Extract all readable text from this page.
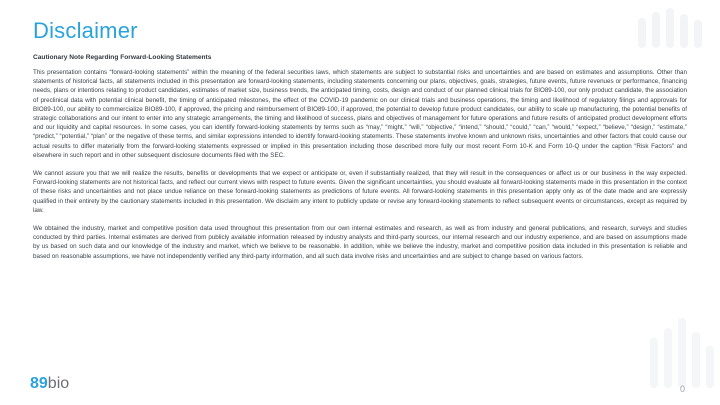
Disclaimer

Cautionary Note Regarding Forward-Looking Statements

This presentation contains “forward-looking statements” within the meaning of the federal securities laws, which statements are subject to substantial risks and uncertainties and are based on estimates and assumptions. Other than statements of historical facts, all statements included in this presentation are forward-looking statements, including statements concerning our plans, objectives, goals, strategies, future events, future revenues or performance, financing needs, plans or intentions relating to product candidates, estimates of market size, business trends, the anticipated timing, costs, design and conduct of our planned clinical trials for BIO89-100, our only product candidate, the association of preclinical data with potential clinical benefit, the timing of anticipated milestones, the effect of the COVID-19 pandemic on our clinical trials and business operations, the timing and likelihood of regulatory filings and approvals for BIO89-100, our ability to commercialize BIO89-100, if approved, the pricing and reimbursement of BIO89-100, if approved, the potential to develop future product candidates, our ability to scale up manufacturing, the potential benefits of strategic collaborations and our intent to enter into any strategic arrangements, the timing and likelihood of success, plans and objectives of management for future operations and future results of anticipated product development efforts and our liquidity and capital resources. In some cases, you can identify forward-looking statements by terms such as “may,” “might,” “will,” “objective,” “intend,” “should,” “could,” “can,” “would,” “expect,” “believe,” “design,” “estimate,” “predict,” “potential,” “plan” or the negative of these terms, and similar expressions intended to identify forward-looking statements. These statements involve known and unknown risks, uncertainties and other factors that could cause our actual results to differ materially from the forward-looking statements expressed or implied in this presentation including those described more fully our most recent Form 10-K and Form 10-Q under the caption “Risk Factors” and elsewhere in such report and in other subsequent disclosure documents filed with the SEC.

We cannot assure you that we will realize the results, benefits or developments that we expect or anticipate or, even if substantially realized, that they will result in the consequences or affect us or our business in the way expected. Forward-looking statements are not historical facts, and reflect our current views with respect to future events. Given the significant uncertainties, you should evaluate all forward-looking statements made in this presentation in the context of these risks and uncertainties and not place undue reliance on these forward-looking statements as predictions of future events. All forward-looking statements in this presentation apply only as of the date made and are expressly qualified in their entirety by the cautionary statements included in this presentation. We disclaim any intent to publicly update or revise any forward-looking statements to reflect subsequent events or circumstances, except as required by law.

We obtained the industry, market and competitive position data used throughout this presentation from our own internal estimates and research, as well as from industry and general publications, and research, surveys and studies conducted by third parties. Internal estimates are derived from publicly available information released by industry analysts and third-party sources, our internal research and our industry experience, and are based on assumptions made by us based on such data and our knowledge of the industry and market, which we believe to be reasonable. In addition, while we believe the industry, market and competitive position data included in this presentation is reliable and based on reasonable assumptions, we have not independently verified any third-party information, and all such data involve risks and uncertainties and are subject to change based on various factors.

89bio	0
